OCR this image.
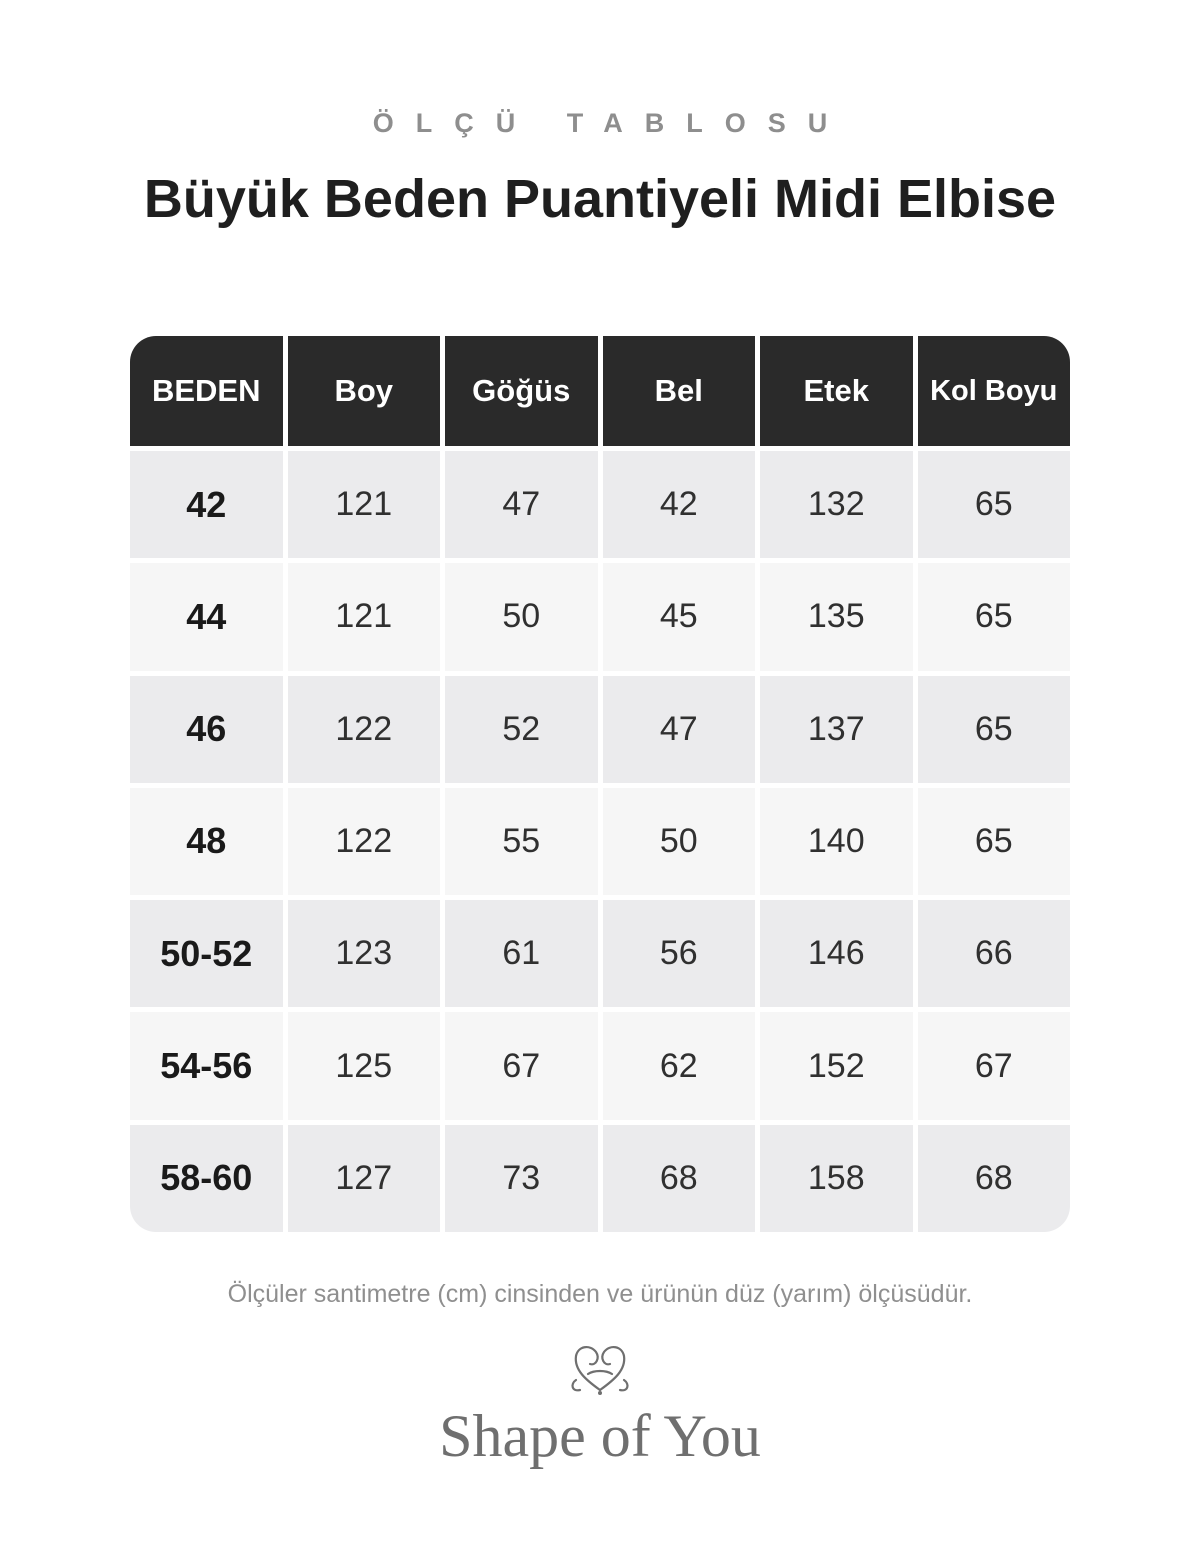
ÖLÇÜ TABLOSU
Büyük Beden Puantiyeli Midi Elbise
BEDEN	Boy	Göğüs	Bel	Etek	Kol Boyu
42	121	47	42	132	65
44	121	50	45	135	65
46	122	52	47	137	65
48	122	55	50	140	65
50-52	123	61	56	146	66
54-56	125	67	62	152	67
58-60	127	73	68	158	68
Ölçüler santimetre (cm) cinsinden ve ürünün düz (yarım) ölçüsüdür.
Shape of You
